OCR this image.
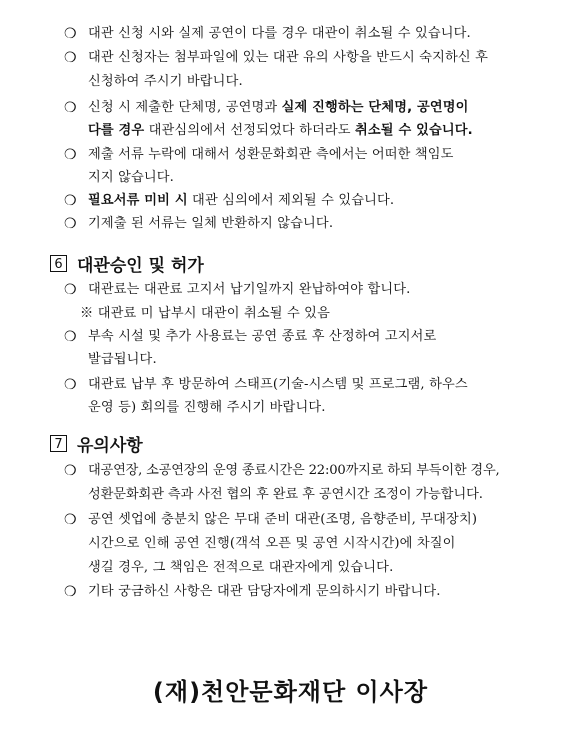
❍ 대관 신청 시와 실제 공연이 다를 경우 대관이 취소될 수 있습니다.
❍ 대관 신청자는 첨부파일에 있는 대관 유의 사항을 반드시 숙지하신 후
신청하여 주시기 바랍니다.
❍ 신청 시 제출한 단체명, 공연명과 실제 진행하는 단체명, 공연명이
다를 경우 대관심의에서 선정되었다 하더라도 취소될 수 있습니다.
❍ 제출 서류 누락에 대해서 성환문화회관 측에서는 어떠한 책임도
지지 않습니다.
❍ 필요서류 미비 시 대관 심의에서 제외될 수 있습니다.
❍ 기제출 된 서류는 일체 반환하지 않습니다.
6 대관승인 및 허가
❍ 대관료는 대관료 고지서 납기일까지 완납하여야 합니다.
※ 대관료 미 납부시 대관이 취소될 수 있음
❍ 부속 시설 및 추가 사용료는 공연 종료 후 산정하여 고지서로
발급됩니다.
❍ 대관료 납부 후 방문하여 스태프(기술-시스템 및 프로그램, 하우스
운영 등) 회의를 진행해 주시기 바랍니다.
7 유의사항
❍ 대공연장, 소공연장의 운영 종료시간은 22:00까지로 하되 부득이한 경우,
성환문화회관 측과 사전 협의 후 완료 후 공연시간 조정이 가능합니다.
❍ 공연 셋업에 충분치 않은 무대 준비 대관(조명, 음향준비, 무대장치)
시간으로 인해 공연 진행(객석 오픈 및 공연 시작시간)에 차질이
생길 경우, 그 책임은 전적으로 대관자에게 있습니다.
❍ 기타 궁금하신 사항은 대관 담당자에게 문의하시기 바랍니다.
(재)천안문화재단 이사장
